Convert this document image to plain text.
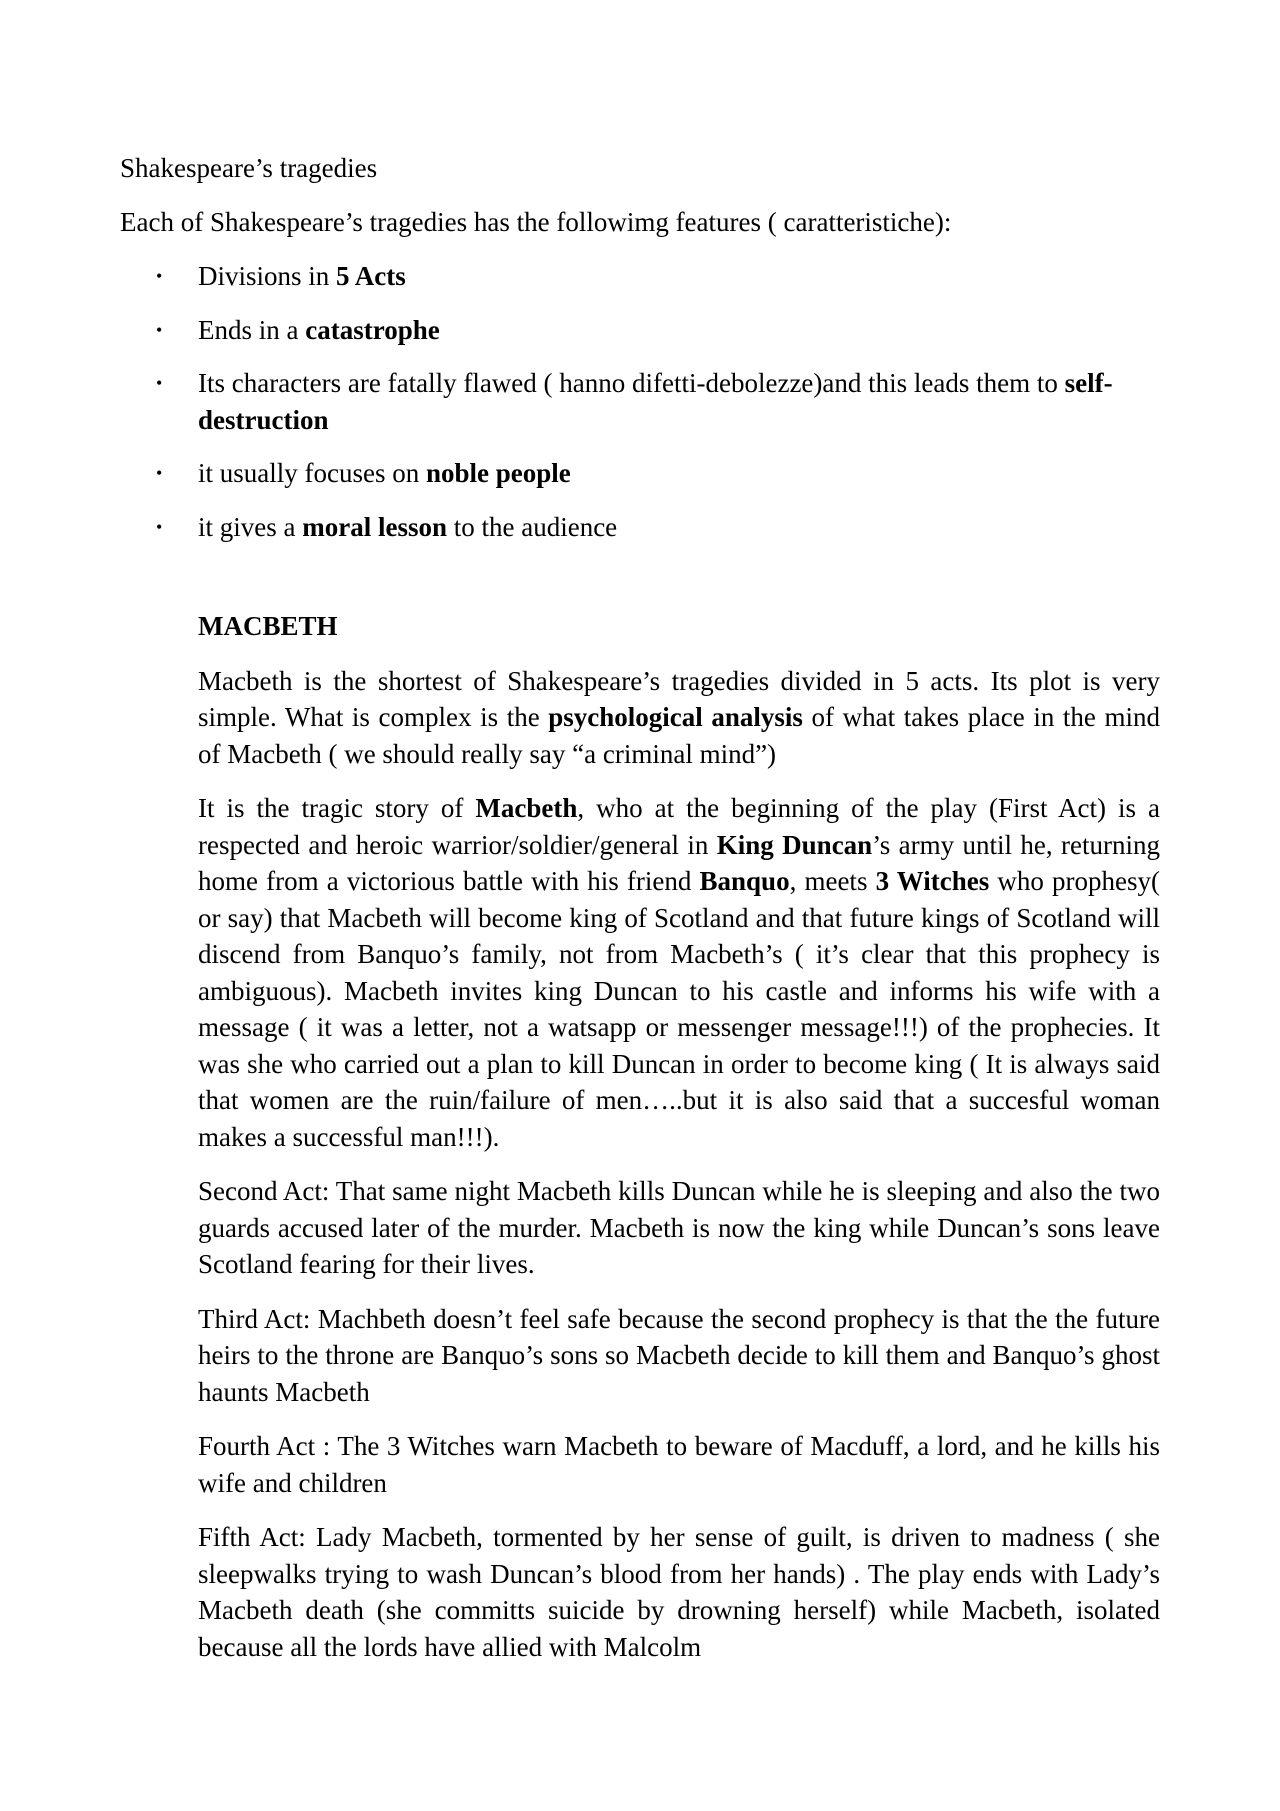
Shakespeare’s tragedies
Each of Shakespeare’s tragedies has the followimg features ( caratteristiche):
• Divisions in 5 Acts
• Ends in a catastrophe
• Its characters are fatally flawed ( hanno difetti-debolezze)and this leads them to self-destruction
• it usually focuses on noble people
• it gives a moral lesson to the audience
MACBETH
Macbeth is the shortest of Shakespeare’s tragedies divided in 5 acts. Its plot is very simple. What is complex is the psychological analysis of what takes place in the mind of Macbeth ( we should really say “a criminal mind”)
It is the tragic story of Macbeth, who at the beginning of the play (First Act) is a respected and heroic warrior/soldier/general in King Duncan’s army until he, returning home from a victorious battle with his friend Banquo, meets 3 Witches who prophesy( or say) that Macbeth will become king of Scotland and that future kings of Scotland will discend from Banquo’s family, not from Macbeth’s ( it’s clear that this prophecy is ambiguous). Macbeth invites king Duncan to his castle and informs his wife with a message ( it was a letter, not a watsapp or messenger message!!!) of the prophecies. It was she who carried out a plan to kill Duncan in order to become king ( It is always said that women are the ruin/failure of men…..but it is also said that a succesful woman makes a successful man!!!).
Second Act: That same night Macbeth kills Duncan while he is sleeping and also the two guards accused later of the murder. Macbeth is now the king while Duncan’s sons leave Scotland fearing for their lives.
Third Act: Machbeth doesn’t feel safe because the second prophecy is that the the future heirs to the throne are Banquo’s sons so Macbeth decide to kill them and Banquo’s ghost haunts Macbeth
Fourth Act : The 3 Witches warn Macbeth to beware of Macduff, a lord, and he kills his wife and children
Fifth Act: Lady Macbeth, tormented by her sense of guilt, is driven to madness ( she sleepwalks trying to wash Duncan’s blood from her hands) . The play ends with Lady’s Macbeth death (she committs suicide by drowning herself) while Macbeth, isolated because all the lords have allied with Malcolm
